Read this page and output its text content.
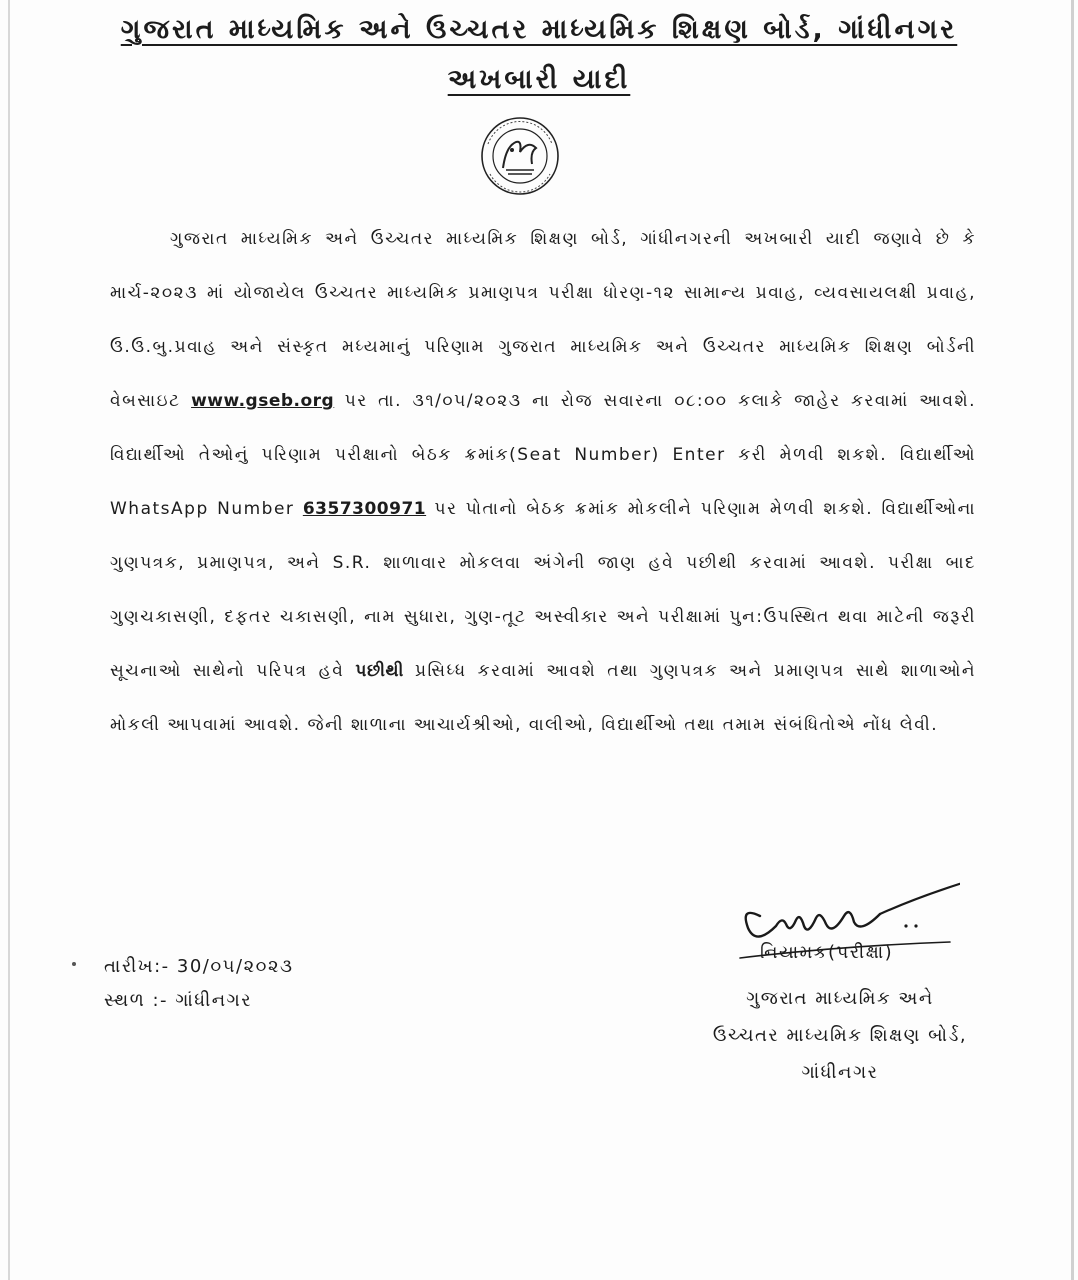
ગુજરાત માધ્યમિક અને ઉચ્ચતર માધ્યમિક શિક્ષણ બોર્ડ, ગાંધીનગર
અખબારી યાદી
ગુજરાત માધ્યમિક અને ઉચ્ચતર માધ્યમિક શિક્ષણ બોર્ડ, ગાંધીનગરની અખબારી યાદી જણાવે છે કે માર્ચ-૨૦૨૩ માં યોજાયેલ ઉચ્ચતર માધ્યમિક પ્રમાણપત્ર પરીક્ષા ધોરણ-૧૨ સામાન્ય પ્રવાહ, વ્યવસાયલક્ષી પ્રવાહ, ઉ.ઉ.બુ.પ્રવાહ અને સંસ્કૃત મધ્યમાનું પરિણામ ગુજરાત માધ્યમિક અને ઉચ્ચતર માધ્યમિક શિક્ષણ બોર્ડની વેબસાઇટ www.gseb.org પર તા. ૩૧/૦૫/૨૦૨૩ ના રોજ સવારના ૦૮:૦૦ કલાકે જાહેર કરવામાં આવશે. વિદ્યાર્થીઓ તેઓનું પરિણામ પરીક્ષાનો બેઠક ક્રમાંક(Seat Number) Enter કરી મેળવી શકશે. વિદ્યાર્થીઓ WhatsApp Number 6357300971 પર પોતાનો બેઠક ક્રમાંક મોકલીને પરિણામ મેળવી શકશે. વિદ્યાર્થીઓના ગુણપત્રક, પ્રમાણપત્ર, અને S.R. શાળાવાર મોકલવા અંગેની જાણ હવે પછીથી કરવામાં આવશે. પરીક્ષા બાદ ગુણચકાસણી, દફતર ચકાસણી, નામ સુધારા, ગુણ-તૂટ અસ્વીકાર અને પરીક્ષામાં પુન:ઉપસ્થિત થવા માટેની જરૂરી સૂચનાઓ સાથેનો પરિપત્ર હવે પછીથી પ્રસિધ્ધ કરવામાં આવશે તથા ગુણપત્રક અને પ્રમાણપત્ર સાથે શાળાઓને મોકલી આપવામાં આવશે. જેની શાળાના આચાર્યશ્રીઓ, વાલીઓ, વિદ્યાર્થીઓ તથા તમામ સંબંધિતોએ નોંધ લેવી.
તારીખ:- 30/૦૫/૨૦૨૩
સ્થળ :- ગાંધીનગર
નિયામક(પરીક્ષા)
ગુજરાત માધ્યમિક અને
ઉચ્ચતર માધ્યમિક શિક્ષણ બોર્ડ,
ગાંધીનગર
